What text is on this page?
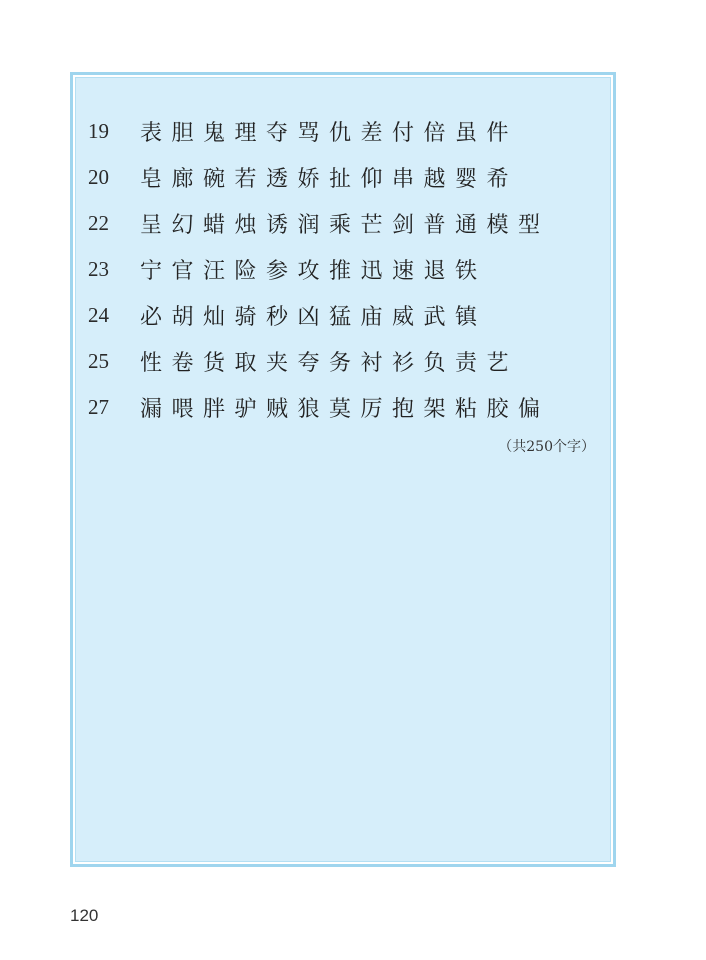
19	表胆鬼理夺骂仇差付倍虽件
20	皂廊碗若透娇扯仰串越婴希
22	呈幻蜡烛诱润乘芒剑普通模型
23	宁官汪险参攻推迅速退铁
24	必胡灿骑秒凶猛庙威武镇
25	性卷货取夹夸务衬衫负责艺
27	漏喂胖驴贼狼莫厉抱架粘胶偏
（共250个字）
120
